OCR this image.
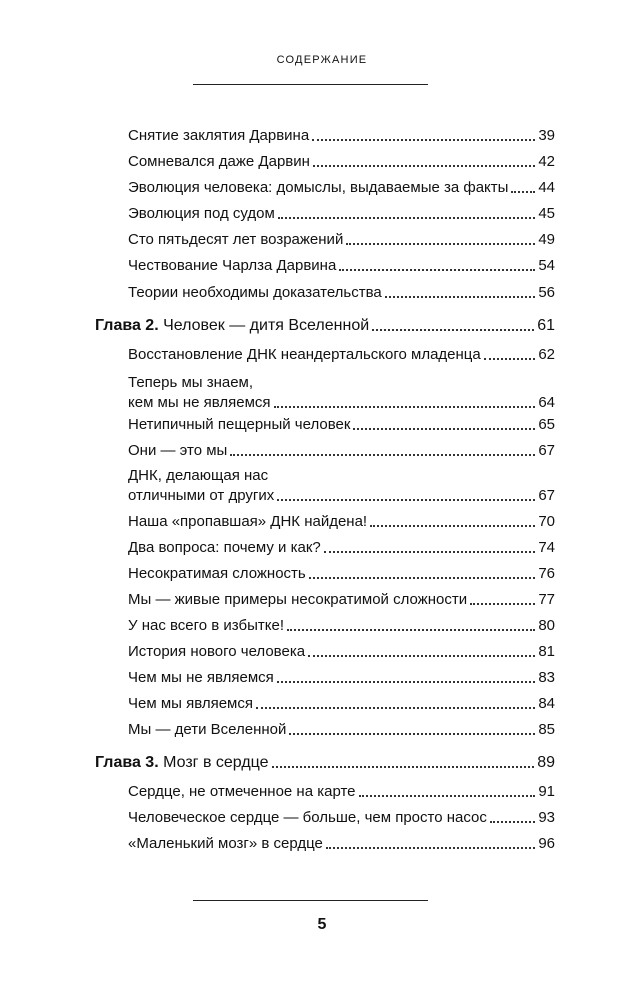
СОДЕРЖАНИЕ
Снятие заклятия Дарвина	39
Сомневался даже Дарвин	42
Эволюция человека: домыслы, выдаваемые за факты 44
Эволюция под судом	45
Сто пятьдесят лет возражений	49
Чествование Чарлза Дарвина	54
Теории необходимы доказательства	56
Глава 2. Человек — дитя Вселенной	61
Восстановление ДНК неандертальского младенца	62
Теперь мы знаем,
кем мы не являемся	64
Нетипичный пещерный человек	65
Они — это мы	67
ДНК, делающая нас
отличными от других	67
Наша «пропавшая» ДНК найдена!	70
Два вопроса: почему и как?	74
Несократимая сложность	76
Мы — живые примеры несократимой сложности	77
У нас всего в избытке!	80
История нового человека	81
Чем мы не являемся	83
Чем мы являемся	84
Мы — дети Вселенной	85
Глава 3. Мозг в сердце	89
Сердце, не отмеченное на карте	91
Человеческое сердце — больше, чем просто насос	93
«Маленький мозг» в сердце	96
5
